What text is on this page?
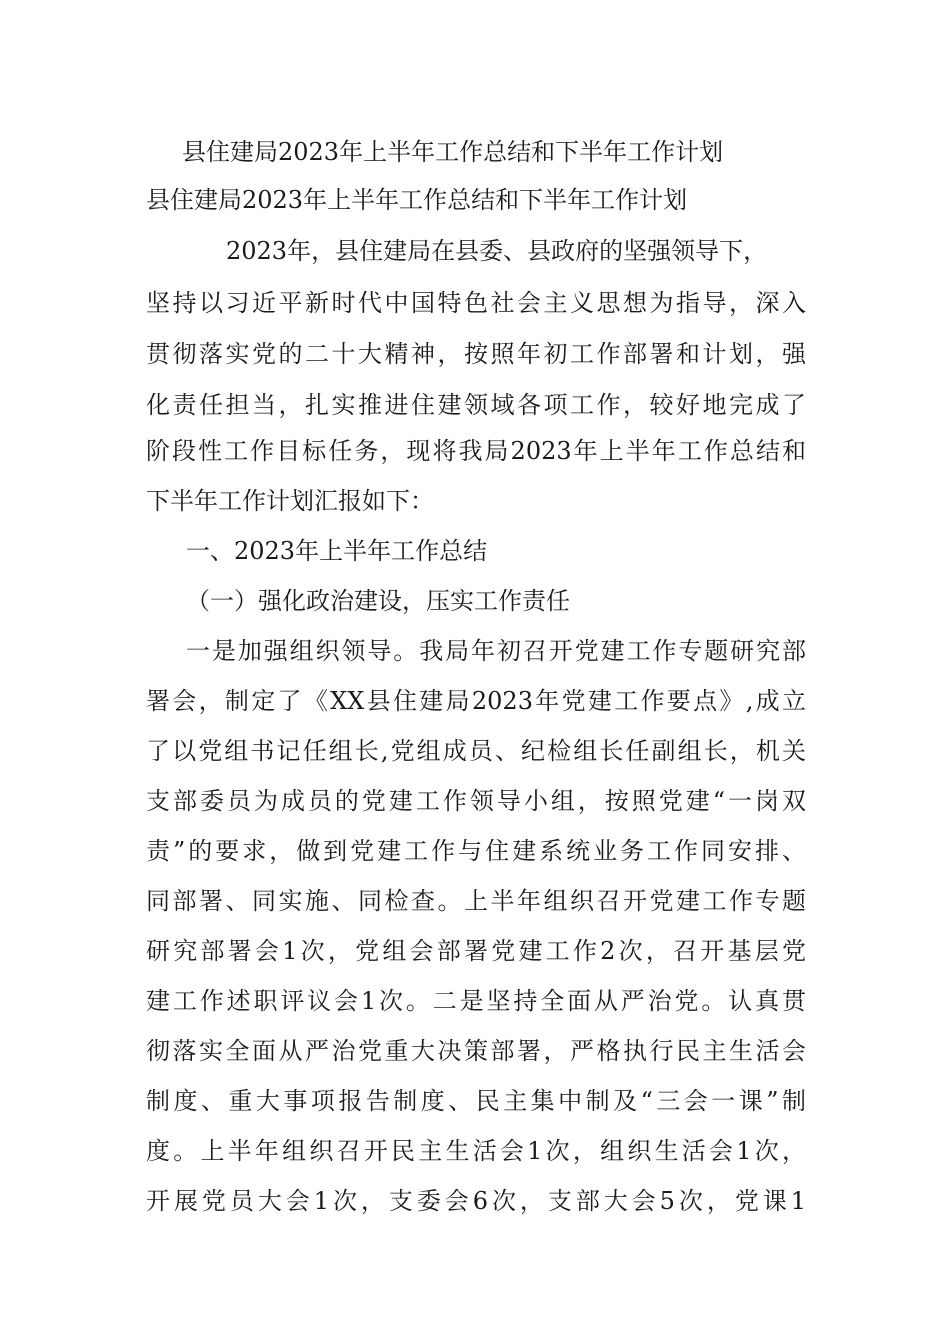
县住建局2023年上半年工作总结和下半年工作计划

县住建局2023年上半年工作总结和下半年工作计划

2023年，县住建局在县委、县政府的坚强领导下，

坚持以习近平新时代中国特色社会主义思想为指导，深入

贯彻落实党的二十大精神，按照年初工作部署和计划，强

化责任担当，扎实推进住建领域各项工作，较好地完成了

阶段性工作目标任务，现将我局2023年上半年工作总结和

下半年工作计划汇报如下：

一、2023年上半年工作总结

（一）强化政治建设，压实工作责任

一是加强组织领导。我局年初召开党建工作专题研究部

署会，制定了《XX县住建局2023年党建工作要点》,成立

了以党组书记任组长,党组成员、纪检组长任副组长，机关

支部委员为成员的党建工作领导小组，按照党建“一岗双

责”的要求，做到党建工作与住建系统业务工作同安排、

同部署、同实施、同检查。上半年组织召开党建工作专题

研究部署会1次，党组会部署党建工作2次，召开基层党

建工作述职评议会1次。二是坚持全面从严治党。认真贯

彻落实全面从严治党重大决策部署，严格执行民主生活会

制度、重大事项报告制度、民主集中制及“三会一课”制

度。上半年组织召开民主生活会1次，组织生活会1次，

开展党员大会1次，支委会6次，支部大会5次，党课1
